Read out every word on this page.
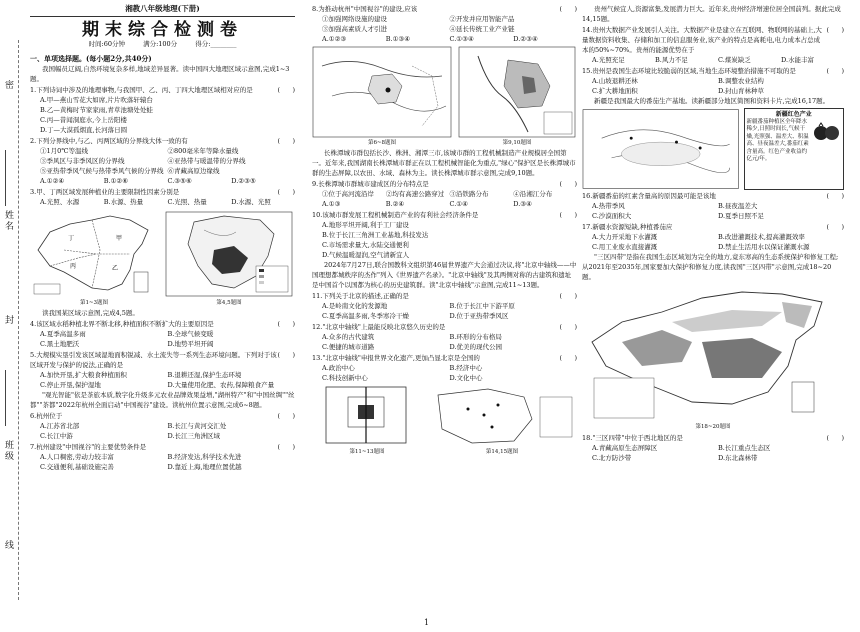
密
姓名
封
班级
线
湘教八年级地理(下册)
期末综合检测卷
时间:60分钟	满分:100分	得分:________
一、单项选择题。(每小题2分,共40分)
我国幅员辽阔,自然环境复杂多样,地域差异显著。读中国四大地理区域示意图,完成1~3题。
1.下列诗词中涉及的地理事物,与我国甲、乙、丙、丁四大地理区域相对应的是	(      )
A.甲—燕山雪花大如席,片片吹落轩辕台
B.乙—黄梅时节家家雨,青草池塘处处蛙
C.丙—昔闻洞庭水,今上岳阳楼
D.丁—大漠孤烟直,长河落日圆
2.下列分界线中,与乙、丙两区域的分界线大体一致的有	(      )
①1月0℃等温线	②800毫米年等降水量线
③季风区与非季风区的分界线	④亚热带与暖温带的分界线
⑤亚热带季风气候与热带季风气候的分界线 ⑥青藏高原边缘线
A.①②④	B.①②⑥	C.③⑤⑥	D.②③⑤
3.甲、丁两区域发展种植业的主要限制性因素分别是	(      )
A.光照、水源	B.水源、热量	C.光照、热量	D.水源、光照
丁	甲
乙
丙
第1~3题图	第4,5题图
读我国某区域示意图,完成4,5题。
4.该区域水稻种植北界不断北移,种植面积不断扩大的主要原因是	(      )
A.夏季高温多雨	B.全球气候变暖
C.黑土地肥沃	D.地势平坦开阔
5.大规模实垦引发该区域湿地面积锐减、水土流失等一系列生态环境问题。下列对于该区域开发与保护的说法,正确的是
(      )
A.加快开垦,扩大粮食种植面积	B.退耕还湿,保护生态环境
C.停止开垦,保护湿地	D.大量使用化肥、农药,保障粮食产量
"观光智能"依是茶旅本质,数字化升级多元农业品牌效果益增,"湖州特产"和"中国丝绸""丝都""茶都"2022年杭州全面启动"中国视谷"建设。读杭州位置示意图,完成6~8题。
6.杭州位于	(      )
A.江苏省北部	B.长江与黄河交汇处
C.长江中游	D.长江三角洲区域
7.杭州建设"中国视谷"的主要优势条件是	(      )
A.人口稠密,劳动力较丰富	B.经济发达,科学技术先进
C.交通便利,基础设施完善	D.靠近上海,地理位置优越
8.为推动杭州"中国视谷"的建设,应该	(      )
①加强网络设施的建设	②开发并应用智能产品
③加强高素质人才引进	④延长传统工业产业链
A.①②③	B.①③④	C.①③④	D.②③④
第6~8题图	第9,10题图
长株潭城市群包括长沙、株洲、湘潭三市,该城市群的工程机械制造产业规模居全国第一。近年来,我国湖南长株潭城市群正在以工程机械智能化为重点,"绿心"保护区是长株潭城市群的生态屏障,以农田、水域、森林为主。读长株潭城市群示意图,完成9,10题。
9.长株潭城市群城市建成区的分布特点是	(      )
①位于高河流沿岸	②均有高速公路穿过 ③沿铁路分布	④沿湘江分布
A.①③	B.②④	C.①④	D.③④
10.该城市群发展工程机械制造产业的有利社会经济条件是	(      )
A.地形平坦开阔,利于工厂建设
B.位于长江三角洲工业基地,科技发达
C.市场需求量大,水陆交通便利
D.气候温暖湿润,空气清新宜人
2024年7月27日,联合国教科文组织第46届世界遗产大会通过决议,将"北京中轴线——中国理想都城秩序的杰作"列入《世界遗产名录》。"北京中轴线"及其两侧对称的古建筑和遗址是中国首个以国都为核心的历史建筑群。读"北京中轴线"示意图,完成11~13题。
11.下列关于北京的描述,正确的是	(      )
A.是岭南文化的发源地	B.位于长江中下游平原
C.夏季高温多雨,冬季寒冷干燥	D.位于亚热带季风区
12."北京中轴线"上最能反映北京悠久历史的是	(      )
A.众多的古代建筑	B.环形的分布格局
C.便捷的城市道路	D.优美的现代公园
13."北京中轴线"申报世界文化遗产,更加凸显北京是全国的	(      )
A.政治中心	B.经济中心
C.科技创新中心	D.文化中心
第11~13题图	第14,15题图
贵州气候宜人,资源富集,发展潜力巨大。近年来,贵州经济增速位居全国前列。据此完成14,15题。
14.贵州大数据产业发展引人关注。大数据产业是建立在互联网、物联网的基础上,大量数据资料收集、存储和加工的信息服务业,该产业的特点是高耗电,电力成本占总成本的50%~70%。贵州的能源优势在于
(      )
A.光照充足	B.风力不足	C.煤炭缺乏	D.水能丰富
15.贵州是我国生态环境比较脆弱的区域,当地生态环境整治措施不可取的是	(      )
A.山坡退耕还林	B.调整农业结构
C.扩大耕地面积	D.封山育林种草
新疆是我国最大的番茄生产基地。读新疆部分地区简图和资料卡片,完成16,17题。
新疆红色产业
新疆番茄种植区全年降水稀少,日照时间长,气候干燥,光照强、温差大、积温高、昼夜温差大,番茄红素含量高。红色产业收益约亿元/年。
16.新疆番茄的红素含量高的原因最可能是该地	(      )
A.热带季风	B.昼夜温差大
C.沙漠面积大	D.夏季日照不足
17.新疆水资源短缺,种植番茄应	(      )
A.大力开采地下水灌溉	B.改进灌溉技术,提高灌溉效率
C.用工业废水直接灌溉	D.禁止生活用水以保证灌溉水源
"三区四带"是指在我国生态区域划为完全的地方,竟东寒高的生态系统保护和修复工程;从2021年至2035年,国家要加大保护和修复力度,读我国"三区四带"示意图,完成18~20题。
第18~20题图
18."三区四带"中位于西北地区的是	(      )
A.青藏高原生态屏障区	B.长江重点生态区
C.北方防沙带	D.东北森林带
1
